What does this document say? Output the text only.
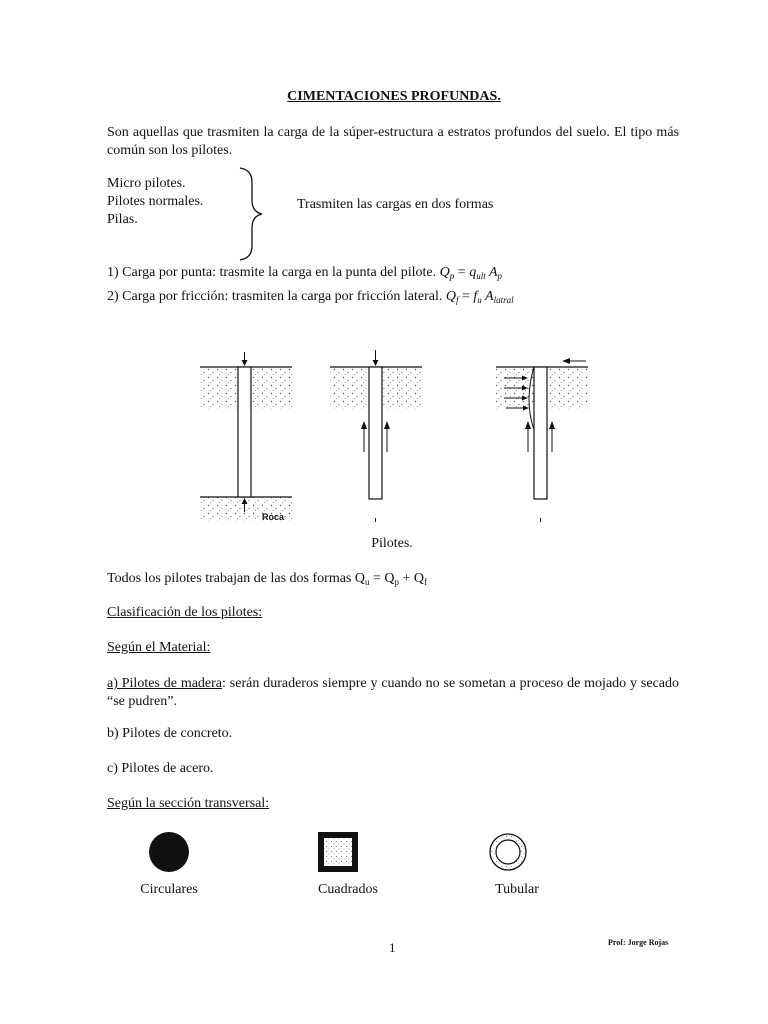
CIMENTACIONES PROFUNDAS.
Son aquellas que trasmiten la carga de la súper-estructura a estratos profundos del suelo. El tipo más común son los pilotes.
Micro pilotes.
Pilotes normales.
Pilas.
Trasmiten las cargas en dos formas
1) Carga por punta: trasmite la carga en la punta del pilote. $Q_p = q_{ult}$ $A_p$
2) Carga por fricción: trasmiten la carga por fricción lateral. $Q_f = f_u$ $A_{latral}$
Roca
Pilotes.
Todos los pilotes trabajan de las dos formas $Q_u = Q_p + Q_f$
Clasificación de los pilotes:
Según el Material:
a) Pilotes de madera: serán duraderos siempre y cuando no se sometan a proceso de mojado y secado “se pudren”.
b) Pilotes de concreto.
c) Pilotes de acero.
Según la sección transversal:
Circulares	Cuadrados	Tubular
1	Prof: Jorge Rojas
